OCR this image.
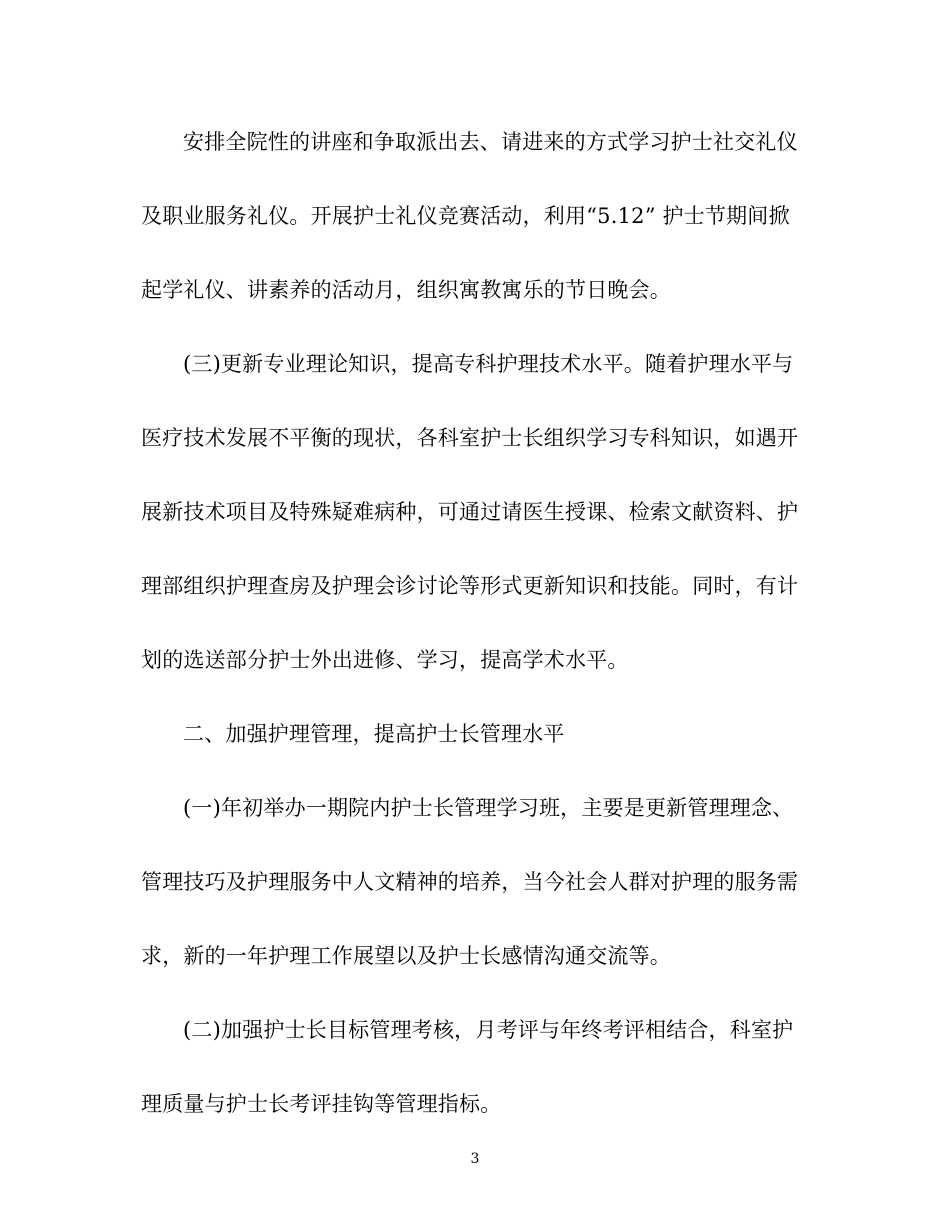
安排全院性的讲座和争取派出去、请进来的方式学习护士社交礼仪
及职业服务礼仪。开展护士礼仪竞赛活动，利用“5.12” 护士节期间掀
起学礼仪、讲素养的活动月，组织寓教寓乐的节日晚会。
(三)更新专业理论知识，提高专科护理技术水平。随着护理水平与
医疗技术发展不平衡的现状，各科室护士长组织学习专科知识，如遇开
展新技术项目及特殊疑难病种，可通过请医生授课、检索文献资料、护
理部组织护理查房及护理会诊讨论等形式更新知识和技能。同时，有计
划的选送部分护士外出进修、学习，提高学术水平。
二、加强护理管理，提高护士长管理水平
(一)年初举办一期院内护士长管理学习班，主要是更新管理理念、
管理技巧及护理服务中人文精神的培养，当今社会人群对护理的服务需
求，新的一年护理工作展望以及护士长感情沟通交流等。
(二)加强护士长目标管理考核，月考评与年终考评相结合，科室护
理质量与护士长考评挂钩等管理指标。
3
